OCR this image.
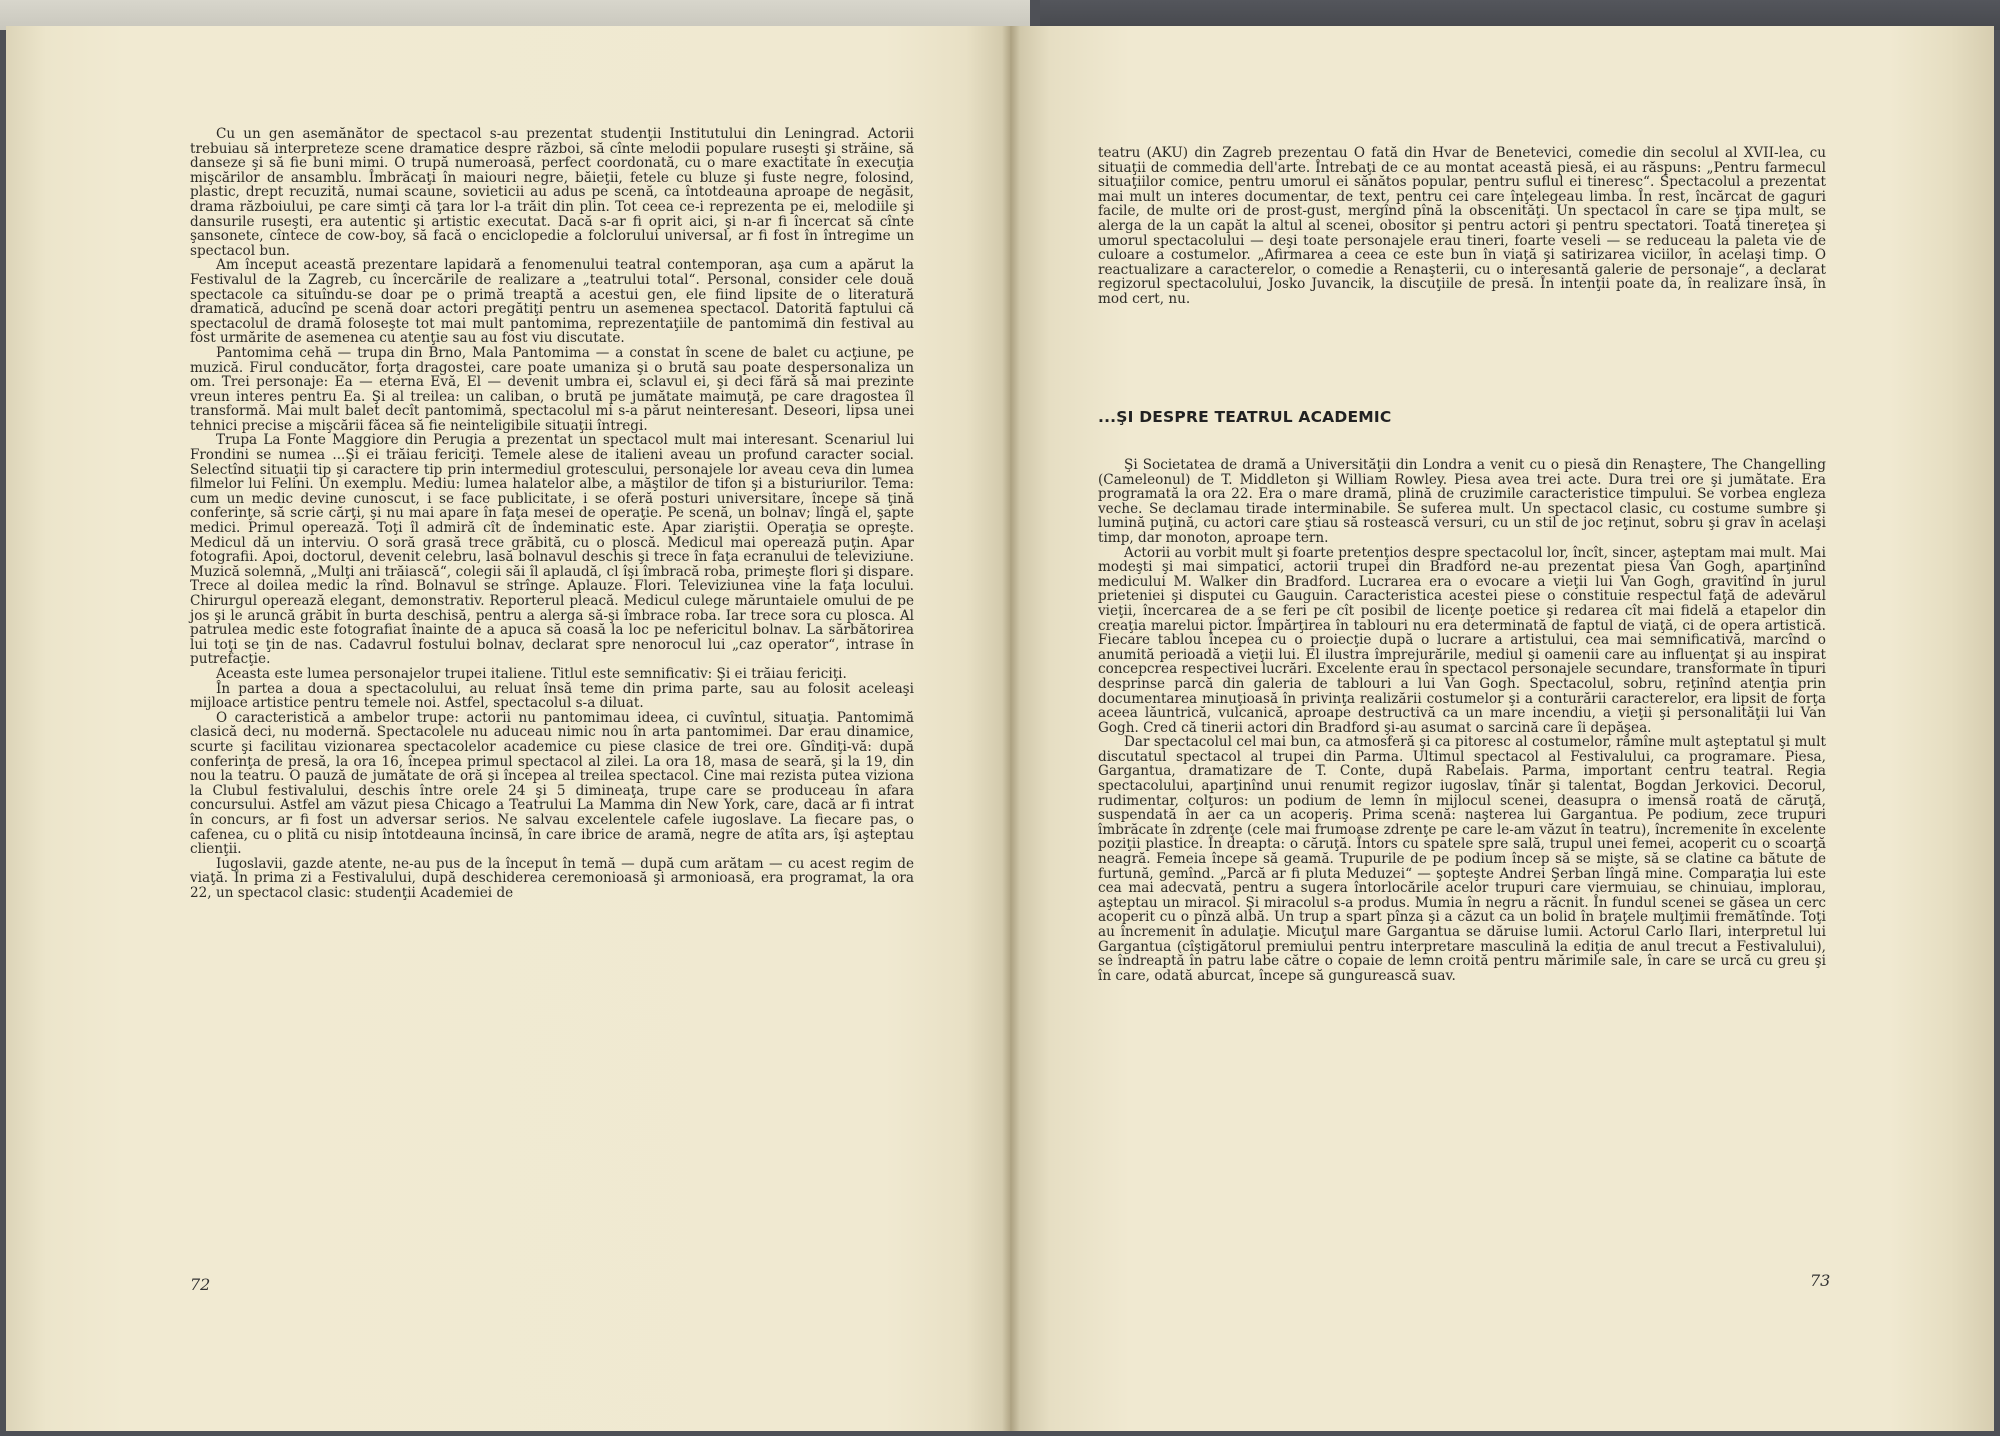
Cu un gen asemănător de spectacol s-au prezentat studenţii Institutului din Leningrad. Actorii trebuiau să interpreteze scene dramatice despre război, să cînte melodii populare ruseşti şi străine, să danseze şi să fie buni mimi. O trupă numeroasă, perfect coordonată, cu o mare exactitate în execuţia mişcărilor de ansamblu. Îmbrăcaţi în maiouri negre, băieţii, fetele cu bluze şi fuste negre, folosind, plastic, drept recuzită, numai scaune, sovieticii au adus pe scenă, ca întotdeauna aproape de negăsit, drama războiului, pe care simţi că ţara lor l-a trăit din plin. Tot ceea ce-i reprezenta pe ei, melodiile şi dansurile ruseşti, era autentic şi artistic executat. Dacă s-ar fi oprit aici, şi n-ar fi încercat să cînte şansonete, cîntece de cow-boy, să facă o enciclopedie a folclorului universal, ar fi fost în întregime un spectacol bun.

Am început această prezentare lapidară a fenomenului teatral contemporan, aşa cum a apărut la Festivalul de la Zagreb, cu încercările de realizare a „teatrului total“. Personal, consider cele două spectacole ca situîndu-se doar pe o primă treaptă a acestui gen, ele fiind lipsite de o literatură dramatică, aducînd pe scenă doar actori pregătiţi pentru un asemenea spectacol. Datorită faptului că spectacolul de dramă foloseşte tot mai mult pantomima, reprezentaţiile de pantomimă din festival au fost urmărite de asemenea cu atenţie sau au fost viu discutate.

Pantomima cehă — trupa din Brno, Mala Pantomima — a constat în scene de balet cu acţiune, pe muzică. Firul conducător, forţa dragostei, care poate umaniza şi o brută sau poate despersonaliza un om. Trei personaje: Ea — eterna Evă, El — devenit umbra ei, sclavul ei, şi deci fără să mai prezinte vreun interes pentru Ea. Şi al treilea: un caliban, o brută pe jumătate maimuţă, pe care dragostea îl transformă. Mai mult balet decît pantomimă, spectacolul mi s-a părut neinteresant. Deseori, lipsa unei tehnici precise a mişcării făcea să fie neinteligibile situaţii întregi.

Trupa La Fonte Maggiore din Perugia a prezentat un spectacol mult mai interesant. Scenariul lui Frondini se numea ...Şi ei trăiau fericiţi. Temele alese de italieni aveau un profund caracter social. Selectînd situaţii tip şi caractere tip prin intermediul grotescului, personajele lor aveau ceva din lumea filmelor lui Felini. Un exemplu. Mediu: lumea halatelor albe, a măştilor de tifon şi a bisturiurilor. Tema: cum un medic devine cunoscut, i se face publicitate, i se oferă posturi universitare, începe să ţină conferinţe, să scrie cărţi, şi nu mai apare în faţa mesei de operaţie. Pe scenă, un bolnav; lîngă el, şapte medici. Primul operează. Toţi îl admiră cît de îndeminatic este. Apar ziariştii. Operaţia se opreşte. Medicul dă un interviu. O soră grasă trece grăbită, cu o ploscă. Medicul mai operează puţin. Apar fotografii. Apoi, doctorul, devenit celebru, lasă bolnavul deschis şi trece în faţa ecranului de televiziune. Muzică solemnă, „Mulţi ani trăiască“, colegii săi îl aplaudă, cl îşi îmbracă roba, primeşte flori şi dispare. Trece al doilea medic la rînd. Bolnavul se strînge. Aplauze. Flori. Televiziunea vine la faţa locului. Chirurgul operează elegant, demonstrativ. Reporterul pleacă. Medicul culege măruntaiele omului de pe jos şi le aruncă grăbit în burta deschisă, pentru a alerga să-şi îmbrace roba. Iar trece sora cu plosca. Al patrulea medic este fotografiat înainte de a apuca să coasă la loc pe nefericitul bolnav. La sărbătorirea lui toţi se ţin de nas. Cadavrul fostului bolnav, declarat spre nenorocul lui „caz operator“, intrase în putrefacţie.

Aceasta este lumea personajelor trupei italiene. Titlul este semnificativ: Şi ei trăiau fericiţi.

În partea a doua a spectacolului, au reluat însă teme din prima parte, sau au folosit aceleaşi mijloace artistice pentru temele noi. Astfel, spectacolul s-a diluat.

O caracteristică a ambelor trupe: actorii nu pantomimau ideea, ci cuvîntul, situaţia. Pantomimă clasică deci, nu modernă. Spectacolele nu aduceau nimic nou în arta pantomimei. Dar erau dinamice, scurte şi facilitau vizionarea spectacolelor academice cu piese clasice de trei ore. Gîndiţi-vă: după conferinţa de presă, la ora 16, începea primul spectacol al zilei. La ora 18, masa de seară, şi la 19, din nou la teatru. O pauză de jumătate de oră şi începea al treilea spectacol. Cine mai rezista putea viziona la Clubul festivalului, deschis între orele 24 şi 5 dimineaţa, trupe care se produceau în afara concursului. Astfel am văzut piesa Chicago a Teatrului La Mamma din New York, care, dacă ar fi intrat în concurs, ar fi fost un adversar serios. Ne salvau excelentele cafele iugoslave. La fiecare pas, o cafenea, cu o plită cu nisip întotdeauna încinsă, în care ibrice de aramă, negre de atîta ars, îşi aşteptau clienţii.

Iugoslavii, gazde atente, ne-au pus de la început în temă — după cum arătam — cu acest regim de viaţă. În prima zi a Festivalului, după deschiderea ceremonioasă şi armonioasă, era programat, la ora 22, un spectacol clasic: studenţii Academiei de

72

teatru (AKU) din Zagreb prezentau O fată din Hvar de Benetevici, comedie din secolul al XVII-lea, cu situaţii de commedia dell'arte. Întrebaţi de ce au montat această piesă, ei au răspuns: „Pentru farmecul situaţiilor comice, pentru umorul ei sănătos popular, pentru suflul ei tineresc“. Spectacolul a prezentat mai mult un interes documentar, de text, pentru cei care înţelegeau limba. În rest, încărcat de gaguri facile, de multe ori de prost-gust, mergînd pînă la obscenităţi. Un spectacol în care se ţipa mult, se alerga de la un capăt la altul al scenei, obositor şi pentru actori şi pentru spectatori. Toată tinereţea şi umorul spectacolului — deşi toate personajele erau tineri, foarte veseli — se reduceau la paleta vie de culoare a costumelor. „Afirmarea a ceea ce este bun în viaţă şi satirizarea viciilor, în acelaşi timp. O reactualizare a caracterelor, o comedie a Renaşterii, cu o interesantă galerie de personaje“, a declarat regizorul spectacolului, Josko Juvancik, la discuţiile de presă. În intenţii poate da, în realizare însă, în mod cert, nu.

...ŞI DESPRE TEATRUL ACADEMIC

Şi Societatea de dramă a Universităţii din Londra a venit cu o piesă din Renaştere, The Changelling (Cameleonul) de T. Middleton şi William Rowley. Piesa avea trei acte. Dura trei ore şi jumătate. Era programată la ora 22. Era o mare dramă, plină de cruzimile caracteristice timpului. Se vorbea engleza veche. Se declamau tirade interminabile. Se suferea mult. Un spectacol clasic, cu costume sumbre şi lumină puţină, cu actori care ştiau să rostească versuri, cu un stil de joc reţinut, sobru şi grav în acelaşi timp, dar monoton, aproape tern.

Actorii au vorbit mult şi foarte pretenţios despre spectacolul lor, încît, sincer, aşteptam mai mult. Mai modeşti şi mai simpatici, actorii trupei din Bradford ne-au prezentat piesa Van Gogh, aparţinînd medicului M. Walker din Bradford. Lucrarea era o evocare a vieţii lui Van Gogh, gravitînd în jurul prieteniei şi disputei cu Gauguin. Caracteristica acestei piese o constituie respectul faţă de adevărul vieţii, încercarea de a se feri pe cît posibil de licenţe poetice şi redarea cît mai fidelă a etapelor din creaţia marelui pictor. Împărţirea în tablouri nu era determinată de faptul de viaţă, ci de opera artistică. Fiecare tablou începea cu o proiecţie după o lucrare a artistului, cea mai semnificativă, marcînd o anumită perioadă a vieţii lui. El ilustra împrejurările, mediul şi oamenii care au influenţat şi au inspirat concepcrea respectivei lucrări. Excelente erau în spectacol personajele secundare, transformate în tipuri desprinse parcă din galeria de tablouri a lui Van Gogh. Spectacolul, sobru, reţinînd atenţia prin documentarea minuţioasă în privinţa realizării costumelor şi a conturării caracterelor, era lipsit de forţa aceea lăuntrică, vulcanică, aproape destructivă ca un mare incendiu, a vieţii şi personalităţii lui Van Gogh. Cred că tinerii actori din Bradford şi-au asumat o sarcină care îi depăşea.

Dar spectacolul cel mai bun, ca atmosferă şi ca pitoresc al costumelor, rămîne mult aşteptatul şi mult discutatul spectacol al trupei din Parma. Ultimul spectacol al Festivalului, ca programare. Piesa, Gargantua, dramatizare de T. Conte, după Rabelais. Parma, important centru teatral. Regia spectacolului, aparţinînd unui renumit regizor iugoslav, tînăr şi talentat, Bogdan Jerkovici. Decorul, rudimentar, colţuros: un podium de lemn în mijlocul scenei, deasupra o imensă roată de căruţă, suspendată în aer ca un acoperiş. Prima scenă: naşterea lui Gargantua. Pe podium, zece trupuri îmbrăcate în zdrenţe (cele mai frumoase zdrenţe pe care le-am văzut în teatru), încremenite în excelente poziţii plastice. În dreapta: o căruţă. Întors cu spatele spre sală, trupul unei femei, acoperit cu o scoarţă neagră. Femeia începe să geamă. Trupurile de pe podium încep să se mişte, să se clatine ca bătute de furtună, gemînd. „Parcă ar fi pluta Meduzei“ — şopteşte Andrei Şerban lîngă mine. Comparaţia lui este cea mai adecvată, pentru a sugera întorlocările acelor trupuri care viermuiau, se chinuiau, implorau, aşteptau un miracol. Şi miracolul s-a produs. Mumia în negru a răcnit. În fundul scenei se găsea un cerc acoperit cu o pînză albă. Un trup a spart pînza şi a căzut ca un bolid în braţele mulţimii fremătînde. Toţi au încremenit în adulaţie. Micuţul mare Gargantua se dăruise lumii. Actorul Carlo Ilari, interpretul lui Gargantua (cîştigătorul premiului pentru interpretare masculină la ediţia de anul trecut a Festivalului), se îndreaptă în patru labe către o copaie de lemn croită pentru mărimile sale, în care se urcă cu greu şi în care, odată aburcat, începe să gungurească suav.

73
